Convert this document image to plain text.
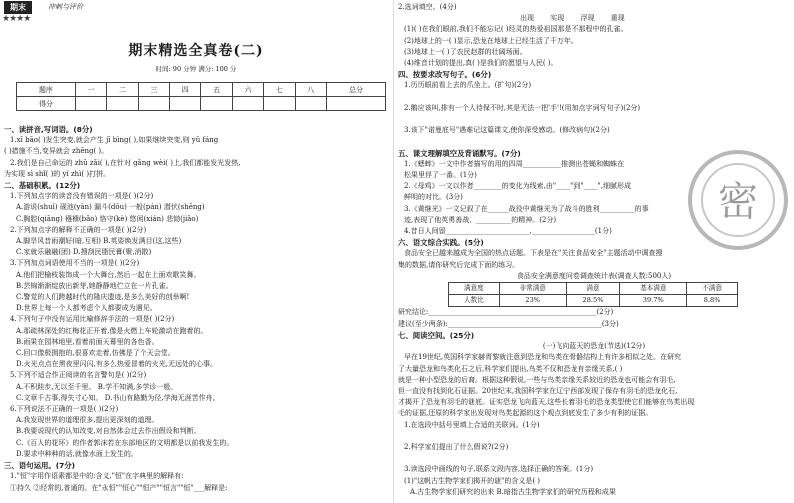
期末	冲刺与评价
★★★★
期末精选全真卷(二)
时间: 90 分钟 满分: 100 分
题序	一	二	三	四	五	六	七	八	总分
得分									
一、读拼音,写词语。(8分)
1.xī bāo( )发生突变,就会产生 jī bìng( ),如果继续突变,则 yǔ fáng
( )措施不当,变异就会 zhēng( )。
2.我们是自己命运的 zhǔ zǎi( ),在针对 gǎng wèi( )上,我们都能发光发热,
为实现 sì shǐ( )的 yí zhì( )打拼。
二、基础积累。(12分)
1.下列加点字的读音没有错误的一项是( )(2分)
A.游说(shuì) 砚池(yàn) 漏斗(dǒu) 一般(pán) 潜伏(shēng)
C.胸腔(qiāng) 襁褓(bǎo) 恪守(kè) 悠闲(xián) 悲恸(jiǎo)
2.下列加点字的解释不正确的一项是( )(2分)
A.脚旱风昔雨潮好(暗,互相) B.英姿焕发满目(这,这些)
C.家就乐融融(团) D.搜刮民脂民膏(聚,消散)
3.下列加点词语使用不当的一项是( )(2分)
A.他们把榆枝装饰成一个大舞台,然后一起在上面欢歌笑舞。
B.芸锦渐渐绽放出新芽,她静静地伫立在一片孔雀。
C.警觉的人们跨越时代的隆庆遗迹,是多么美好的创举啊!
D.世界上每一个人都考虑个人都要成为遇见。
4.下列句子中没有运用比喻修辞手法的一项是( )(2分)
A.那疏林深处的红梅花正开着,像是火燃上车轮激动在跑着的。
B.雨果在园林地里,看着前面天幕里的各色香。
C.回口像极拥抱的,很喜欢走着,仿佛是了个天会堂。
D.火光点点在黑夜里闪闪,有多么热爱冒着的火光,无远处的心事。
5.下列不适合作正阅读的名言警句是( )(2分)
A.不积跬步,无以至千里。 B.学不知满,多学诊一般。
C.文章千古事,得失寸心知。 D.书山有路勤为径,学海无涯苦作舟。
6.下列说法不正确的一项是( )(2分)
A.我发现世界的道理很多,提出更深刻的道理。
B.我要说现代的认知改变,对自然体会过去作出假设和判断。
C.《百人的花环》的作者郭沫若在东部地区的文明都是以前我发生的。
D.要求中种种的话,就像水面上发生的。
三、语句运用。(7分)
1."恒"字用作语素都是中的:含义,"恒"在字典里的解释有:
①持久 ②经常的,普通的。在"永恒""恒心""恒产""恒言""恒"___解释是:
2.选词填空。(4分)
出现 实现 浮现 重现
(1)( )在我们眼前,我们不能忘记( )经灵的热爱祖国那是不那程中的孔雀。
(2)地球上的一( )显示,恐龙在地球上已经生活了千万年。
(3)地球上一( )了农民赵群的壮阔场面。
(4)维音计划的提出,真( )是我们的愿望与人民( )。
四、按要求改写句子。(6分)
1.历历眼前看上去的爪坐上。(扩句)(2分)

2.鹅应该叫,排有一个人待保不时,其是无法一把'手'!(用加点字词写句子)(2分)

3.该下"诺曼底号"遇难记这篇课文,使你深受感动。(修改病句)(2分)

五、课文理解填空及背诵默写。(7分)
1.《蟋蟀》一文中作者描写的用的四周___________推测出苍蝇和蜘蛛在
松果里俘了一番。(1分)
2.《母鸡》一文以作者________的变化为线索,由"____"到"____",细腻形成
鲜明的对比。(3分)
3.《黄继光》一文记叙了在______战役中黄继光为了战斗的胜利__________的事
迹,表现了他英勇善战、__________的精神。(2分)
4.昔日人间留________________________,__________________(1分)
六、语文综合实践。(5分)
食品安全已越来越成为全国的热点话题。下表是在"关注食品安全"主题活动中调查搜
集的数据,请你研究后完成下面的练习。
食品安全满意度问卷调查统计表(调查人数:500人)
满意度	非常满意	满意	基本满意	不满意
人数比	23%	28.5%	39.7%	8.8%
研究结论:________________________________________________(2分)
建议(至少两条):____________________________________________(3分)
七、阅读空间。(25分)
(一)飞向蓝天的恐龙(节选)(12分)
早在19世纪,英国科学家赫胥黎就注意到恐龙和鸟类在骨骼结构上有许多相似之处。在研究
了大量恐龙和鸟类化石之后,科学家们提出,鸟类不仅和恐龙有亲缘关系,( )
就是一种小型恐龙的后裔。根据这种假说,一些与鸟类亲缘关系较近的恐龙也可能会有羽毛,
但一直没有找到化石证据。20世纪末,我国科学家在辽宁西部发现了保存有羽毛的恐龙化石,
才揭开了恐龙有羽毛的谜底。证实恐龙飞向蓝天,这些长着羽毛的恐龙类型使它们能够在鸟类出现
毛的证据,还原的科学家出发现对鸟类起源的这个观点到底发生了多少有利的证据。
1.在选段中括号里填上合适的关联词。(1分)

2.科学家们提出了什么假说?(2分)

3.读选段中画线的句子,联系文段内容,选择正确的答案。(1分)
(1)"这帆古生物学家们揭开的谜"的含义是( )
A.古生物学家们研究的出来 B.暗指古生物学家们的研究历程和成果
密
